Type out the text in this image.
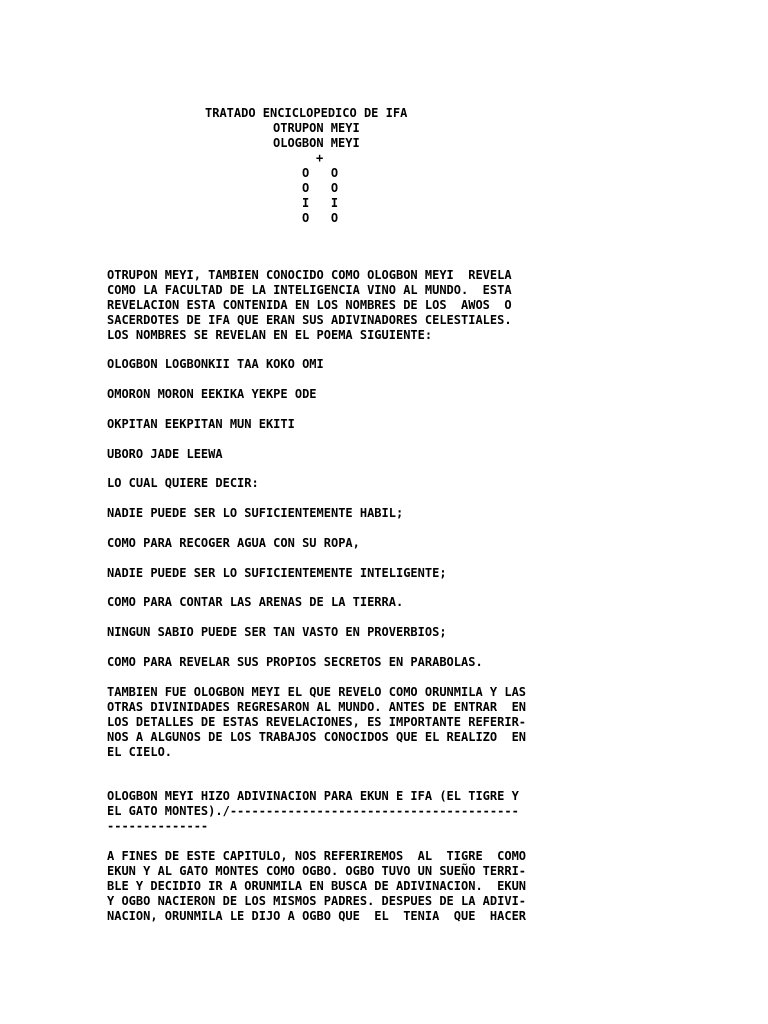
TRATADO ENCICLOPEDICO DE IFA
OTRUPON MEYI
OLOGBON MEYI
+
O   O
O   O
I   I
O   O

OTRUPON MEYI, TAMBIEN CONOCIDO COMO OLOGBON MEYI  REVELA
COMO LA FACULTAD DE LA INTELIGENCIA VINO AL MUNDO.  ESTA
REVELACION ESTA CONTENIDA EN LOS NOMBRES DE LOS  AWOS  O
SACERDOTES DE IFA QUE ERAN SUS ADIVINADORES CELESTIALES.
LOS NOMBRES SE REVELAN EN EL POEMA SIGUIENTE:

OLOGBON LOGBONKII TAA KOKO OMI

OMORON MORON EEKIKA YEKPE ODE

OKPITAN EEKPITAN MUN EKITI

UBORO JADE LEEWA

LO CUAL QUIERE DECIR:

NADIE PUEDE SER LO SUFICIENTEMENTE HABIL;

COMO PARA RECOGER AGUA CON SU ROPA,

NADIE PUEDE SER LO SUFICIENTEMENTE INTELIGENTE;

COMO PARA CONTAR LAS ARENAS DE LA TIERRA.

NINGUN SABIO PUEDE SER TAN VASTO EN PROVERBIOS;

COMO PARA REVELAR SUS PROPIOS SECRETOS EN PARABOLAS.

TAMBIEN FUE OLOGBON MEYI EL QUE REVELO COMO ORUNMILA Y LAS
OTRAS DIVINIDADES REGRESARON AL MUNDO. ANTES DE ENTRAR  EN
LOS DETALLES DE ESTAS REVELACIONES, ES IMPORTANTE REFERIR-
NOS A ALGUNOS DE LOS TRABAJOS CONOCIDOS QUE EL REALIZO  EN
EL CIELO.

OLOGBON MEYI HIZO ADIVINACION PARA EKUN E IFA (EL TIGRE Y
EL GATO MONTES)./----------------------------------------
--------------

A FINES DE ESTE CAPITULO, NOS REFERIREMOS  AL  TIGRE  COMO
EKUN Y AL GATO MONTES COMO OGBO. OGBO TUVO UN SUEÑO TERRI-
BLE Y DECIDIO IR A ORUNMILA EN BUSCA DE ADIVINACION.  EKUN
Y OGBO NACIERON DE LOS MISMOS PADRES. DESPUES DE LA ADIVI-
NACION, ORUNMILA LE DIJO A OGBO QUE  EL  TENIA  QUE  HACER
